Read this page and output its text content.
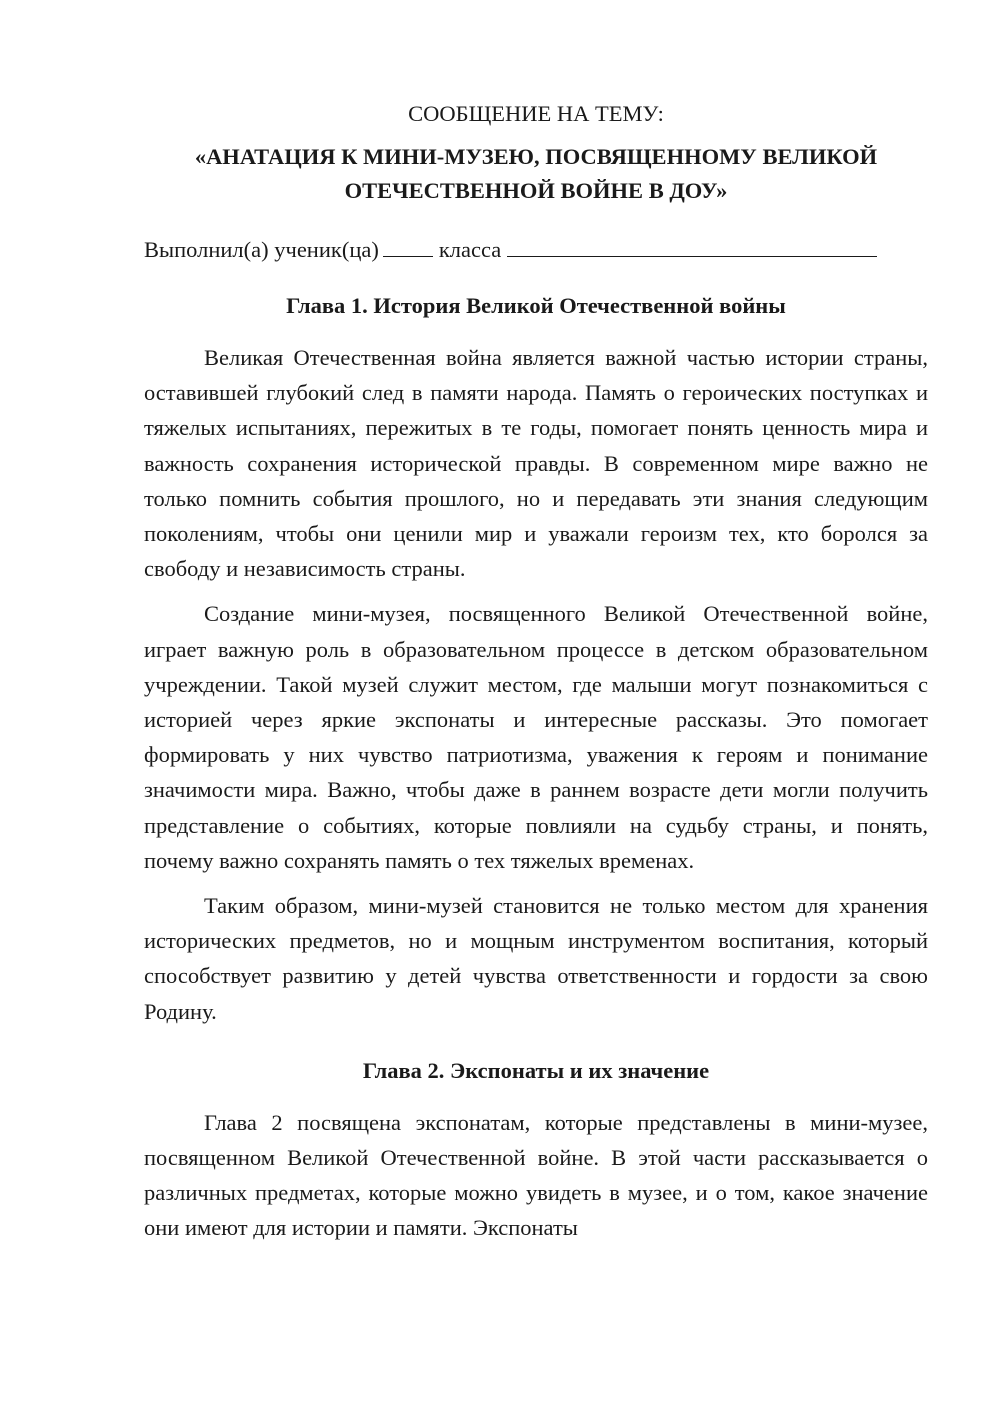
СООБЩЕНИЕ НА ТЕМУ:

«АНАТАЦИЯ К МИНИ-МУЗЕЮ, ПОСВЯЩЕННОМУ ВЕЛИКОЙ

ОТЕЧЕСТВЕННОЙ ВОЙНЕ В ДОУ»

Выполнил(а) ученик(ца)	класса

Глава 1. История Великой Отечественной войны

Великая Отечественная война является важной частью истории страны, оставившей глубокий след в памяти народа. Память о героических поступках и тяжелых испытаниях, пережитых в те годы, помогает понять ценность мира и важность сохранения исторической правды. В современном мире важно не только помнить события прошлого, но и передавать эти знания следующим поколениям, чтобы они ценили мир и уважали героизм тех, кто боролся за свободу и независимость страны.

Создание мини-музея, посвященного Великой Отечественной войне, играет важную роль в образовательном процессе в детском образовательном учреждении. Такой музей служит местом, где малыши могут познакомиться с историей через яркие экспонаты и интересные рассказы. Это помогает формировать у них чувство патриотизма, уважения к героям и понимание значимости мира. Важно, чтобы даже в раннем возрасте дети могли получить представление о событиях, которые повлияли на судьбу страны, и понять, почему важно сохранять память о тех тяжелых временах.

Таким образом, мини-музей становится не только местом для хранения исторических предметов, но и мощным инструментом воспитания, который способствует развитию у детей чувства ответственности и гордости за свою Родину.

Глава 2. Экспонаты и их значение

Глава 2 посвящена экспонатам, которые представлены в мини-музее, посвященном Великой Отечественной войне. В этой части рассказывается о различных предметах, которые можно увидеть в музее, и о том, какое значение они имеют для истории и памяти. Экспонаты
